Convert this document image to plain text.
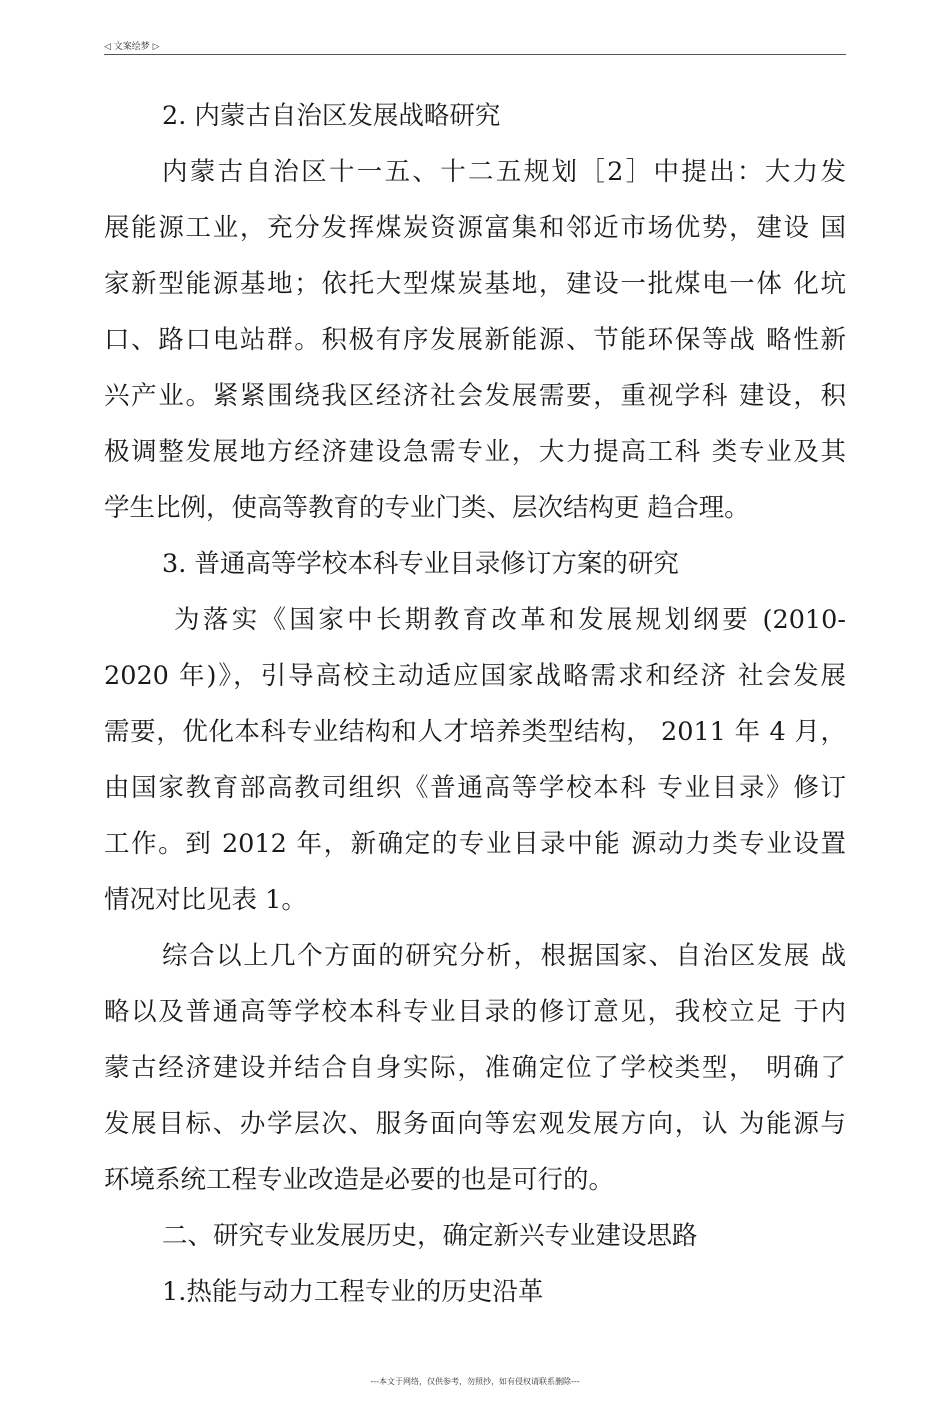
◁ 文案绘梦 ▷
2. 内蒙古自治区发展战略研究
内蒙古自治区十一五、十二五规划［2］中提出：大力发
展能源工业，充分发挥煤炭资源富集和邻近市场优势，建设 国
家新型能源基地；依托大型煤炭基地，建设一批煤电一体 化坑
口、路口电站群。积极有序发展新能源、节能环保等战 略性新
兴产业。紧紧围绕我区经济社会发展需要，重视学科 建设，积
极调整发展地方经济建设急需专业，大力提高工科 类专业及其
学生比例，使高等教育的专业门类、层次结构更 趋合理。
3. 普通高等学校本科专业目录修订方案的研究
为落实《国家中长期教育改革和发展规划纲要 (2010-
2020 年)》，引导高校主动适应国家战略需求和经济 社会发展
需要，优化本科专业结构和人才培养类型结构， 2011 年 4 月，
由国家教育部高教司组织《普通高等学校本科 专业目录》修订
工作。到 2012 年，新确定的专业目录中能 源动力类专业设置
情况对比见表 1。
综合以上几个方面的研究分析，根据国家、自治区发展 战
略以及普通高等学校本科专业目录的修订意见，我校立足 于内
蒙古经济建设并结合自身实际，准确定位了学校类型， 明确了
发展目标、办学层次、服务面向等宏观发展方向，认 为能源与
环境系统工程专业改造是必要的也是可行的。
二、研究专业发展历史，确定新兴专业建设思路
1.热能与动力工程专业的历史沿革
---本文于网络，仅供参考，勿照抄，如有侵权请联系删除---
